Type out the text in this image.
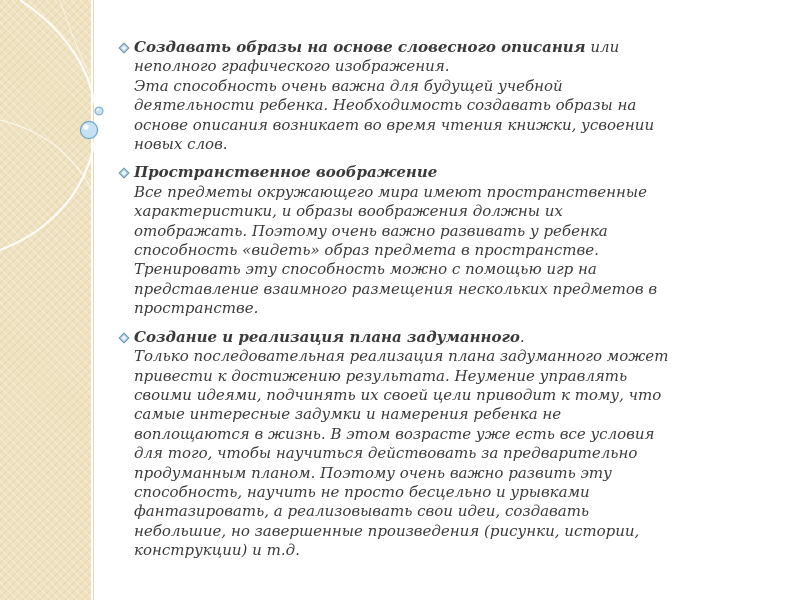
Создавать образы на основе словесного описания или неполного графического изображения.
Эта способность очень важна для будущей учебной деятельности ребенка. Необходимость создавать образы на основе описания возникает во время чтения книжки, усвоении новых слов.
Пространственное воображение
Все предметы окружающего мира имеют пространственные характеристики, и образы воображения должны их отображать. Поэтому очень важно развивать у ребенка способность «видеть» образ предмета в пространстве. Тренировать эту способность можно с помощью игр на представление взаимного размещения нескольких предметов в пространстве.
Создание и реализация плана задуманного.
Только последовательная реализация плана задуманного может привести к достижению результата. Неумение управлять своими идеями, подчинять их своей цели приводит к тому, что самые интересные задумки и намерения ребенка не воплощаются в жизнь. В этом возрасте уже есть все условия для того, чтобы научиться действовать за предварительно продуманным планом. Поэтому очень важно развить эту способность, научить не просто бесцельно и урывками фантазировать, а реализовывать свои идеи, создавать небольшие, но завершенные произведения (рисунки, истории, конструкции) и т.д.
